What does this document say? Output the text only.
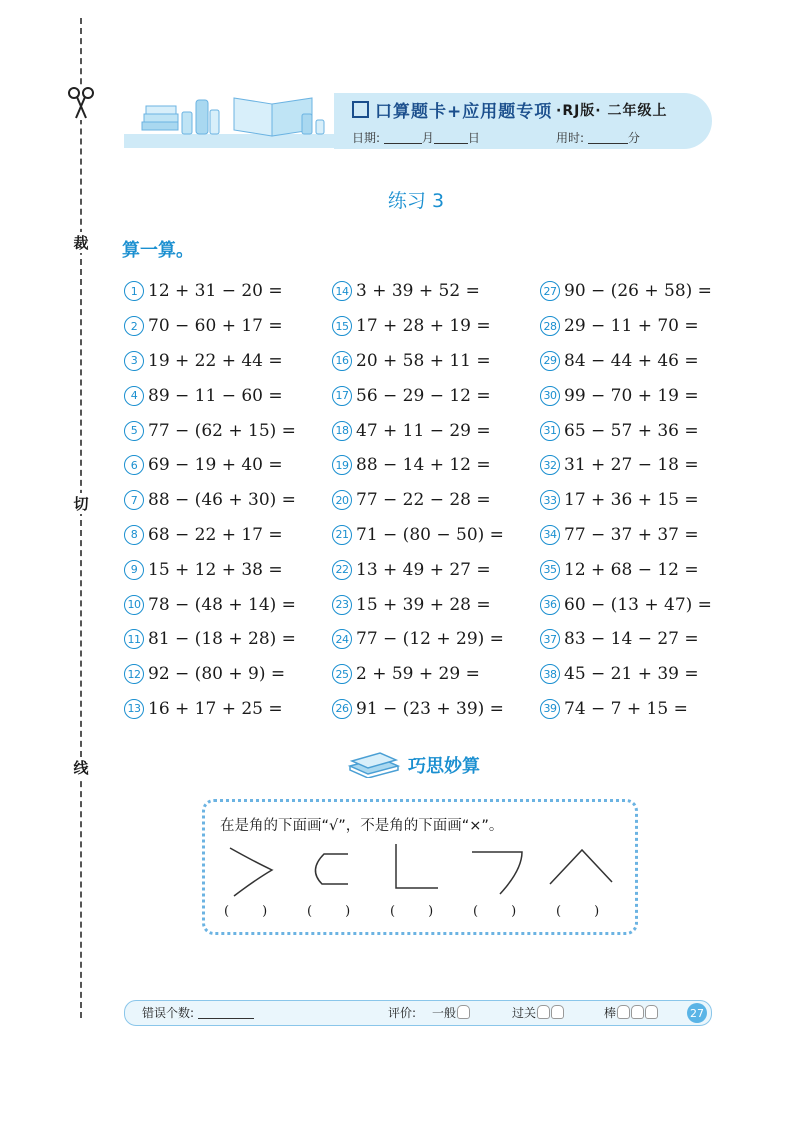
裁
切
线
口算题卡+应用题专项 ·RJ版· 二年级上
日期:	月	日	用时:	分
练习 3
算一算。
1 12 + 31 − 20 =
2 70 − 60 + 17 =
3 19 + 22 + 44 =
4 89 − 11 − 60 =
5 77 − (62 + 15) =
6 69 − 19 + 40 =
7 88 − (46 + 30) =
8 68 − 22 + 17 =
9 15 + 12 + 38 =
10 78 − (48 + 14) =
11 81 − (18 + 28) =
12 92 − (80 + 9) =
13 16 + 17 + 25 =
14 3 + 39 + 52 =
15 17 + 28 + 19 =
16 20 + 58 + 11 =
17 56 − 29 − 12 =
18 47 + 11 − 29 =
19 88 − 14 + 12 =
20 77 − 22 − 28 =
21 71 − (80 − 50) =
22 13 + 49 + 27 =
23 15 + 39 + 28 =
24 77 − (12 + 29) =
25 2 + 59 + 29 =
26 91 − (23 + 39) =
27 90 − (26 + 58) =
28 29 − 11 + 70 =
29 84 − 44 + 46 =
30 99 − 70 + 19 =
31 65 − 57 + 36 =
32 31 + 27 − 18 =
33 17 + 36 + 15 =
34 77 − 37 + 37 =
35 12 + 68 − 12 =
36 60 − (13 + 47) =
37 83 − 14 − 27 =
38 45 − 21 + 39 =
39 74 − 7 + 15 =
巧思妙算
在是角的下面画“√”，不是角的下面画“×”。
(        )	(        )	(        )	(        )	(        )
错误个数:	评价: 一般	过关	棒	27
